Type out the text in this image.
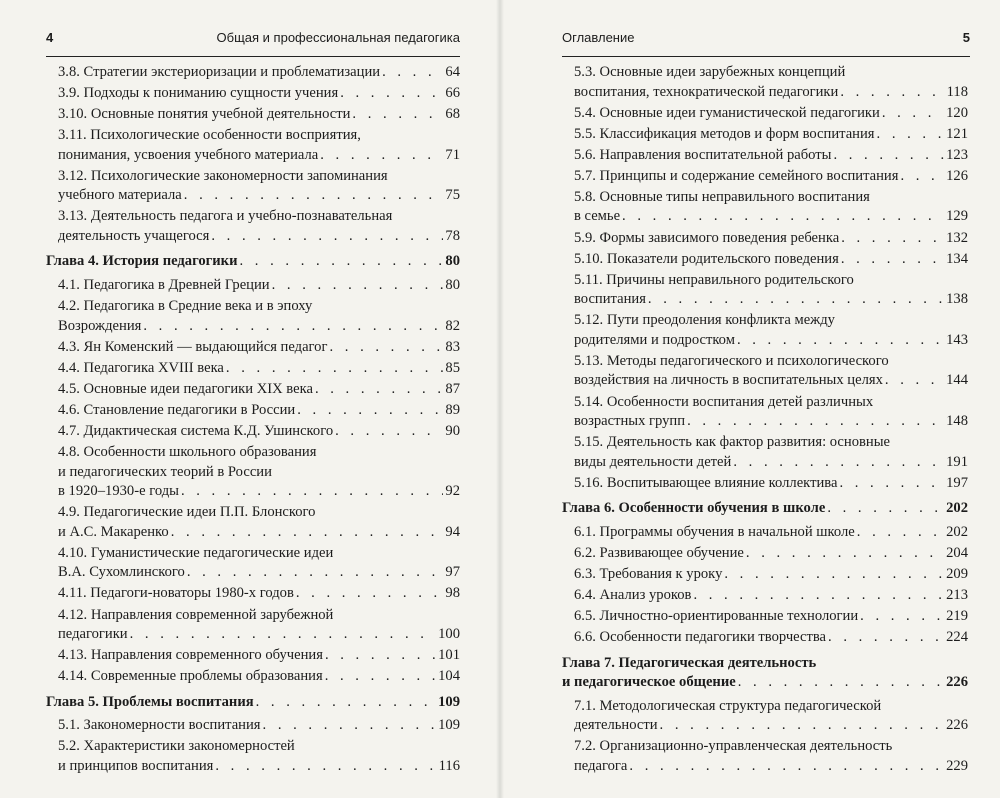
4	Общая и профессиональная педагогика
3.8. Стратегии экстериоризации и проблематизации . . .	64
3.9. Подходы к пониманию сущности учения . . .	66
3.10. Основные понятия учебной деятельности . . .	68
3.11. Психологические особенности восприятия,
понимания, усвоения учебного материала . . .	71
3.12. Психологические закономерности запоминания
учебного материала . . .	75
3.13. Деятельность педагога и учебно-познавательная
деятельность учащегося . . .	78
Глава 4. История педагогики . . .	80
4.1. Педагогика в Древней Греции . . .	80
4.2. Педагогика в Средние века и в эпоху
Возрождения . . .	82
4.3. Ян Коменский — выдающийся педагог . . .	83
4.4. Педагогика XVIII века . . .	85
4.5. Основные идеи педагогики XIX века . . .	87
4.6. Становление педагогики в России . . .	89
4.7. Дидактическая система К.Д. Ушинского . . .	90
4.8. Особенности школьного образования
и педагогических теорий в России
в 1920–1930-е годы . . .	92
4.9. Педагогические идеи П.П. Блонского
и А.С. Макаренко . . .	94
4.10. Гуманистические педагогические идеи
В.А. Сухомлинского . . .	97
4.11. Педагоги-новаторы 1980-х годов . . .	98
4.12. Направления современной зарубежной
педагогики . . .	100
4.13. Направления современного обучения . . .	101
4.14. Современные проблемы образования . . .	104
Глава 5. Проблемы воспитания . . .	109
5.1. Закономерности воспитания . . .	109
5.2. Характеристики закономерностей
и принципов воспитания . . .	116
Оглавление	5
5.3. Основные идеи зарубежных концепций
воспитания, технократической педагогики . . .	118
5.4. Основные идеи гуманистической педагогики . . .	120
5.5. Классификация методов и форм воспитания . . .	121
5.6. Направления воспитательной работы . . .	123
5.7. Принципы и содержание семейного воспитания . . .	126
5.8. Основные типы неправильного воспитания
в семье . . .	129
5.9. Формы зависимого поведения ребенка . . .	132
5.10. Показатели родительского поведения . . .	134
5.11. Причины неправильного родительского
воспитания . . .	138
5.12. Пути преодоления конфликта между
родителями и подростком . . .	143
5.13. Методы педагогического и психологического
воздействия на личность в воспитательных целях . . .	144
5.14. Особенности воспитания детей различных
возрастных групп . . .	148
5.15. Деятельность как фактор развития: основные
виды деятельности детей . . .	191
5.16. Воспитывающее влияние коллектива . . .	197
Глава 6. Особенности обучения в школе . . .	202
6.1. Программы обучения в начальной школе . . .	202
6.2. Развивающее обучение . . .	204
6.3. Требования к уроку . . .	209
6.4. Анализ уроков . . .	213
6.5. Личностно-ориентированные технологии . . .	219
6.6. Особенности педагогики творчества . . .	224
Глава 7. Педагогическая деятельность
и педагогическое общение . . .	226
7.1. Методологическая структура педагогической
деятельности . . .	226
7.2. Организационно-управленческая деятельность
педагога . . .	229
